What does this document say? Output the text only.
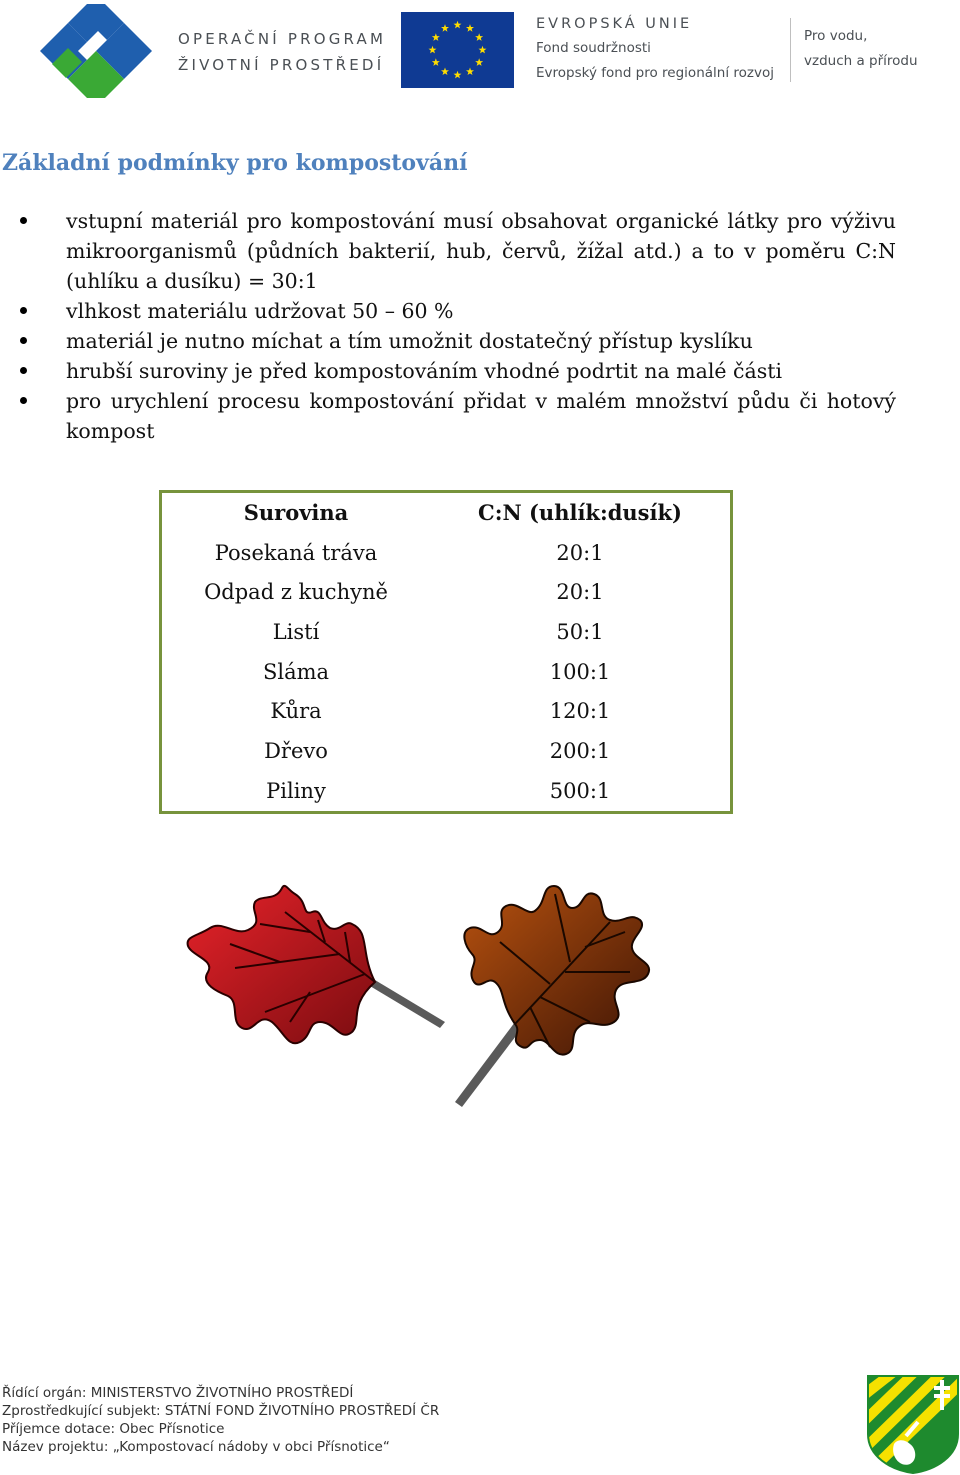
OPERAČNÍ PROGRAM
ŽIVOTNÍ PROSTŘEDÍ
EVROPSKÁ UNIE
Fond soudržnosti
Evropský fond pro regionální rozvoj
Pro vodu,
vzduch a přírodu
Základní podmínky pro kompostování
vstupní materiál pro kompostování musí obsahovat organické látky pro výživu mikroorganismů (půdních bakterií, hub, červů, žížal atd.) a to v poměru C:N (uhlíku a dusíku) = 30:1
vlhkost materiálu udržovat 50 – 60 %
materiál je nutno míchat a tím umožnit dostatečný přístup kyslíku
hrubší suroviny je před kompostováním vhodné podrtit na malé části
pro urychlení procesu kompostování přidat v malém množství půdu či hotový kompost
Surovina	C:N (uhlík:dusík)
Posekaná tráva	20:1
Odpad z kuchyně	20:1
Listí	50:1
Sláma	100:1
Kůra	120:1
Dřevo	200:1
Piliny	500:1
Řídící orgán: MINISTERSTVO ŽIVOTNÍHO PROSTŘEDÍ
Zprostředkující subjekt: STÁTNÍ FOND ŽIVOTNÍHO PROSTŘEDÍ ČR
Příjemce dotace: Obec Přísnotice
Název projektu: „Kompostovací nádoby v obci Přísnotice“
